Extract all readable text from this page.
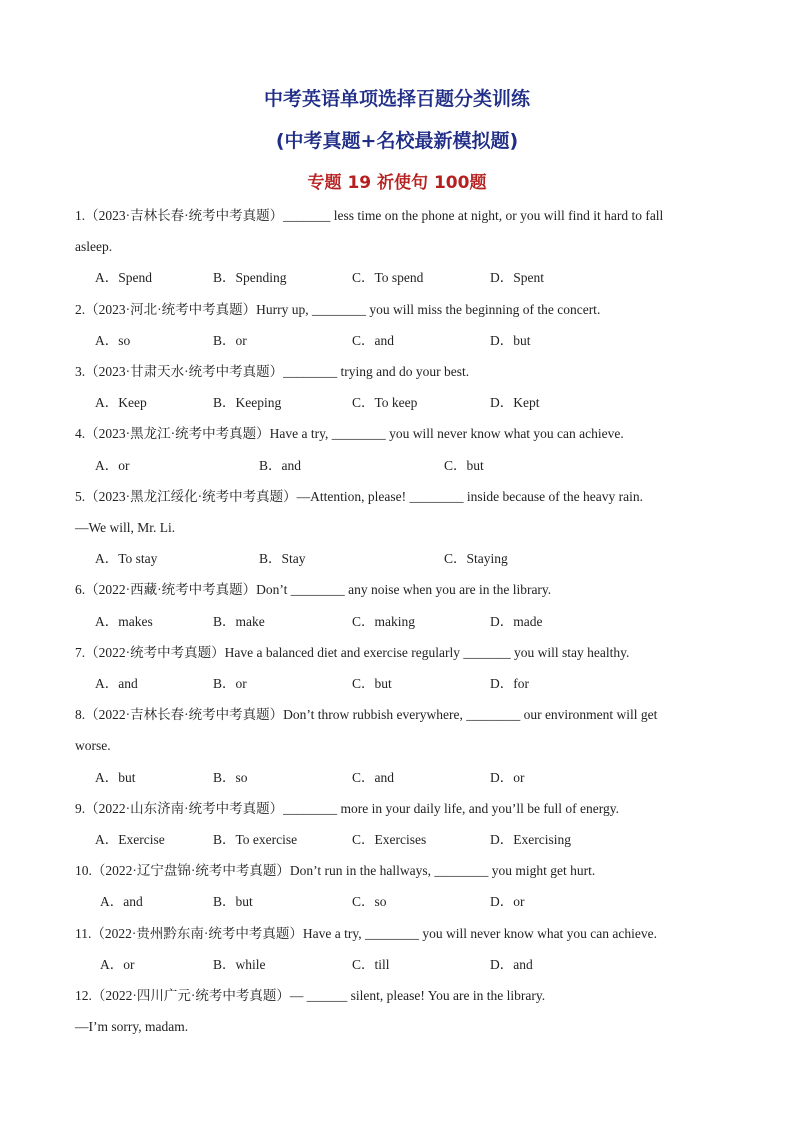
中考英语单项选择百题分类训练
(中考真题+名校最新模拟题)
专题 19 祈使句 100题
1.（2023·吉林长春·统考中考真题）_______ less time on the phone at night, or you will find it hard to fall
asleep.
A．Spend	B．Spending	C．To spend	D．Spent
2.（2023·河北·统考中考真题）Hurry up, ________ you will miss the beginning of the concert.
A．so	B．or	C．and	D．but
3.（2023·甘肃天水·统考中考真题）________ trying and do your best.
A．Keep	B．Keeping	C．To keep	D．Kept
4.（2023·黑龙江·统考中考真题）Have a try, ________ you will never know what you can achieve.
A．or	B．and	C．but
5.（2023·黑龙江绥化·统考中考真题）—Attention, please! ________ inside because of the heavy rain.
—We will, Mr. Li.
A．To stay	B．Stay	C．Staying
6.（2022·西藏·统考中考真题）Don’t ________ any noise when you are in the library.
A．makes	B．make	C．making	D．made
7.（2022·统考中考真题）Have a balanced diet and exercise regularly _______ you will stay healthy.
A．and	B．or	C．but	D．for
8.（2022·吉林长春·统考中考真题）Don’t throw rubbish everywhere, ________ our environment will get
worse.
A．but	B．so	C．and	D．or
9.（2022·山东济南·统考中考真题）________ more in your daily life, and you’ll be full of energy.
A．Exercise	B．To exercise	C．Exercises	D．Exercising
10.（2022·辽宁盘锦·统考中考真题）Don’t run in the hallways, ________ you might get hurt.
A．and	B．but	C．so	D．or
11.（2022·贵州黔东南·统考中考真题）Have a try, ________ you will never know what you can achieve.
A．or	B．while	C．till	D．and
12.（2022·四川广元·统考中考真题）— ______ silent, please! You are in the library.
—I’m sorry, madam.
